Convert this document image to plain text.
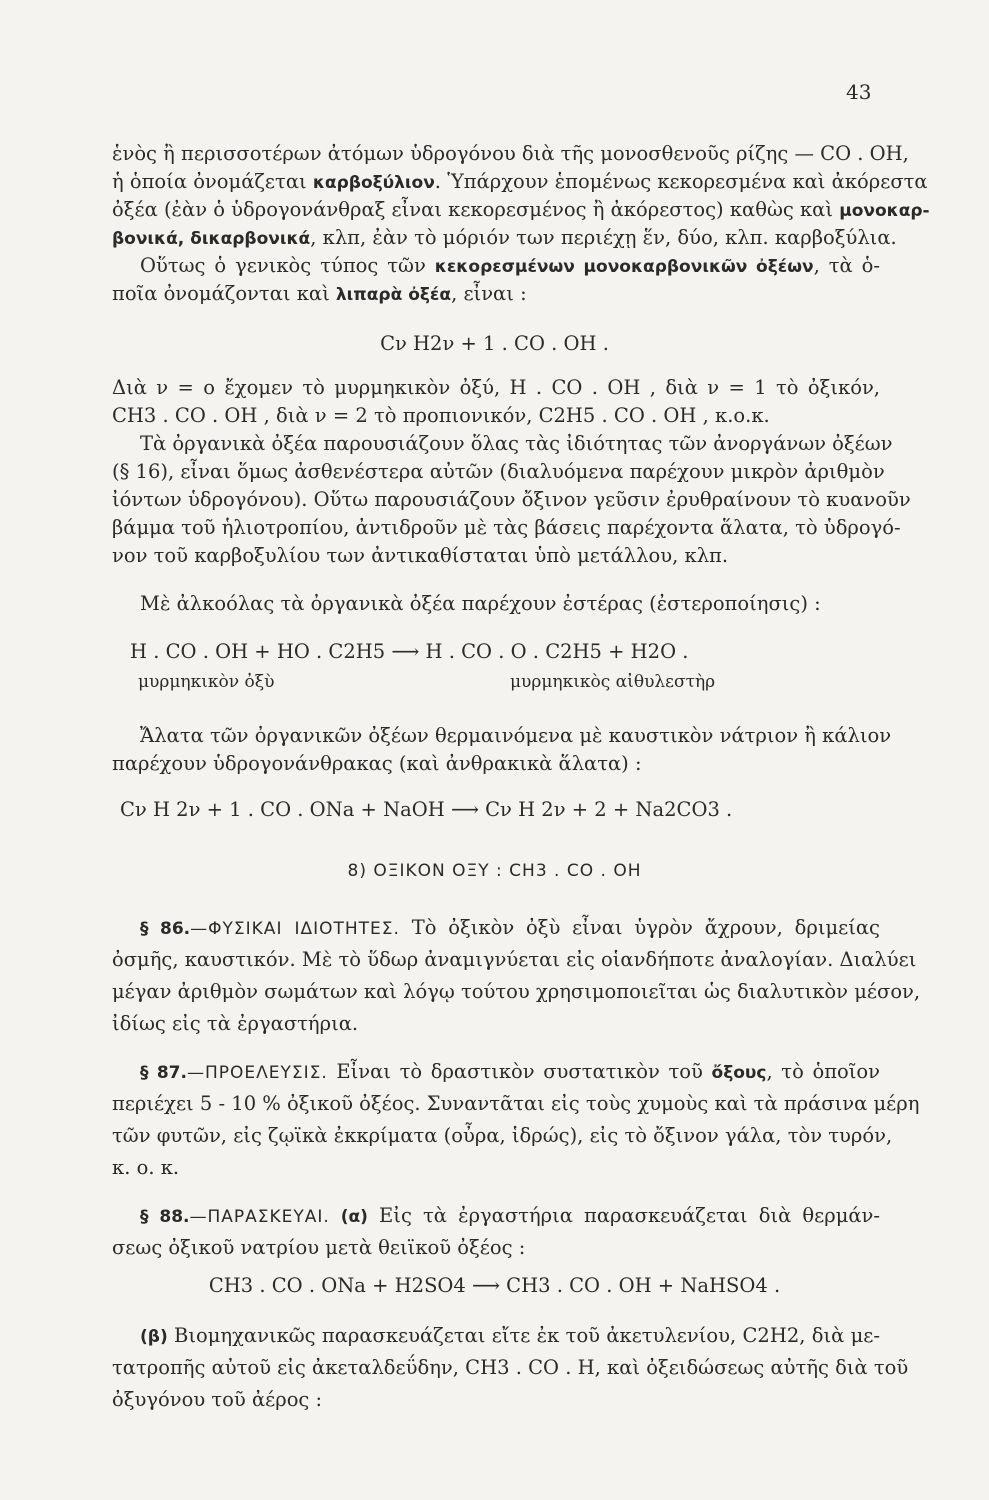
43
ἑνὸς ἢ περισσοτέρων ἀτόμων ὑδρογόνου διὰ τῆς μονοσθενοῦς ρίζης — CO . OH,
ἡ ὁποία ὀνομάζεται καρβοξύλιον. Ὑπάρχουν ἑπομένως κεκορεσμένα καὶ ἀκόρεστα
ὀξέα (ἐὰν ὁ ὑδρογονάνθραξ εἶναι κεκορεσμένος ἢ ἀκόρεστος) καθὼς καὶ μονοκαρ-
βονικά, δικαρβονικά, κλπ, ἐὰν τὸ μόριόν των περιέχῃ ἕν, δύο, κλπ. καρβοξύλια.
Οὕτως ὁ γενικὸς τύπος τῶν κεκορεσμένων μονοκαρβονικῶν ὀξέων, τὰ ὁ-
ποῖα ὀνομάζονται καὶ λιπαρὰ ὀξέα, εἶναι :
Cν H2ν + 1 . CO . OH .
Διὰ ν = ο ἔχομεν τὸ μυρμηκικὸν ὀξύ, H . CO . OH , διὰ ν = 1 τὸ ὀξικόν,
CH3 . CO . OH , διὰ ν = 2 τὸ προπιονικόν, C2H5 . CO . OH , κ.ο.κ.
Τὰ ὀργανικὰ ὀξέα παρουσιάζουν ὅλας τὰς ἰδιότητας τῶν ἀνοργάνων ὀξέων
(§ 16), εἶναι ὅμως ἀσθενέστερα αὐτῶν (διαλυόμενα παρέχουν μικρὸν ἀριθμὸν
ἰόντων ὑδρογόνου). Οὕτω παρουσιάζουν ὄξινον γεῦσιν ἐρυθραίνουν τὸ κυανοῦν
βάμμα τοῦ ἡλιοτροπίου, ἀντιδροῦν μὲ τὰς βάσεις παρέχοντα ἅλατα, τὸ ὑδρογό-
νον τοῦ καρβοξυλίου των ἀντικαθίσταται ὑπὸ μετάλλου, κλπ.
Μὲ ἀλκοόλας τὰ ὀργανικὰ ὀξέα παρέχουν ἐστέρας (ἐστεροποίησις) :
H . CO . OH + HO . C2H5 ⟶ H . CO . O . C2H5 + H2O .
μυρμηκικὸν ὀξὺ	μυρμηκικὸς αἰθυλεστὴρ
Ἄλατα τῶν ὀργανικῶν ὀξέων θερμαινόμενα μὲ καυστικὸν νάτριον ἢ κάλιον
παρέχουν ὑδρογονάνθρακας (καὶ ἀνθρακικὰ ἅλατα) :
Cν H 2ν + 1 . CO . ONa + NaOH ⟶ Cν H 2ν + 2 + Na2CO3 .
8) ΟΞΙΚΟΝ ΟΞΥ : CH3 . CO . OH
§ 86.—ΦΥΣΙΚΑΙ ΙΔΙΟΤΗΤΕΣ. Τὸ ὀξικὸν ὀξὺ εἶναι ὑγρὸν ἄχρουν, δριμείας
ὀσμῆς, καυστικόν. Μὲ τὸ ὕδωρ ἀναμιγνύεται εἰς οἱανδήποτε ἀναλογίαν. Διαλύει
μέγαν ἀριθμὸν σωμάτων καὶ λόγῳ τούτου χρησιμοποιεῖται ὡς διαλυτικὸν μέσον,
ἰδίως εἰς τὰ ἐργαστήρια.
§ 87.—ΠΡΟΕΛΕΥΣΙΣ. Εἶναι τὸ δραστικὸν συστατικὸν τοῦ ὄξους, τὸ ὁποῖον
περιέχει 5 - 10 % ὀξικοῦ ὀξέος. Συναντᾶται εἰς τοὺς χυμοὺς καὶ τὰ πράσινα μέρη
τῶν φυτῶν, εἰς ζῳϊκὰ ἐκκρίματα (οὖρα, ἱδρώς), εἰς τὸ ὄξινον γάλα, τὸν τυρόν,
κ. ο. κ.
§ 88.—ΠΑΡΑΣΚΕΥΑΙ. (α) Εἰς τὰ ἐργαστήρια παρασκευάζεται διὰ θερμάν-
σεως ὀξικοῦ νατρίου μετὰ θειϊκοῦ ὀξέος :
CH3 . CO . ONa + H2SO4 ⟶ CH3 . CO . OH + NaHSO4 .
(β) Βιομηχανικῶς παρασκευάζεται εἴτε ἐκ τοῦ ἀκετυλενίου, C2H2, διὰ με-
τατροπῆς αὐτοῦ εἰς ἀκεταλδεΰδην, CH3 . CO . H, καὶ ὀξειδώσεως αὐτῆς διὰ τοῦ
ὀξυγόνου τοῦ ἀέρος :
